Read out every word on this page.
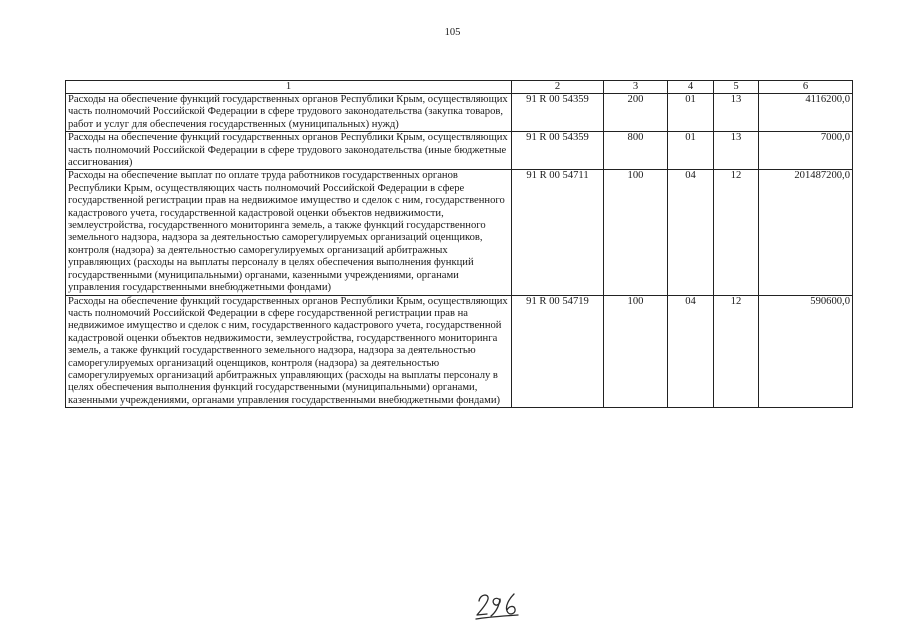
105
1	2	3	4	5	6
Расходы на обеспечение функций государственных органов Республики Крым, осуществляющих часть полномочий Российской Федерации в сфере трудового законодательства (закупка товаров, работ и услуг для обеспечения государственных (муниципальных) нужд)	91 R 00 54359	200	01	13	4116200,0
Расходы на обеспечение функций государственных органов Республики Крым, осуществляющих часть полномочий Российской Федерации в сфере трудового законодательства (иные бюджетные ассигнования)	91 R 00 54359	800	01	13	7000,0
Расходы на обеспечение выплат по оплате труда работников государственных органов Республики Крым, осуществляющих часть полномочий Российской Федерации в сфере государственной регистрации прав на недвижимое имущество и сделок с ним, государственного кадастрового учета, государственной кадастровой оценки объектов недвижимости, землеустройства, государственного мониторинга земель, а также функций государственного земельного надзора, надзора за деятельностью саморегулируемых организаций оценщиков, контроля (надзора) за деятельностью саморегулируемых организаций арбитражных управляющих (расходы на выплаты персоналу в целях обеспечения выполнения функций государственными (муниципальными) органами, казенными учреждениями, органами управления государственными внебюджетными фондами)	91 R 00 54711	100	04	12	201487200,0
Расходы на обеспечение функций государственных органов Республики Крым, осуществляющих часть полномочий Российской Федерации в сфере государственной регистрации прав на недвижимое имущество и сделок с ним, государственного кадастрового учета, государственной кадастровой оценки объектов недвижимости, землеустройства, государственного мониторинга земель, а также функций государственного земельного надзора, надзора за деятельностью саморегулируемых организаций оценщиков, контроля (надзора) за деятельностью саморегулируемых организаций арбитражных управляющих (расходы на выплаты персоналу в целях обеспечения выполнения функций государственными (муниципальными) органами, казенными учреждениями, органами управления государственными внебюджетными фондами)	91 R 00 54719	100	04	12	590600,0
